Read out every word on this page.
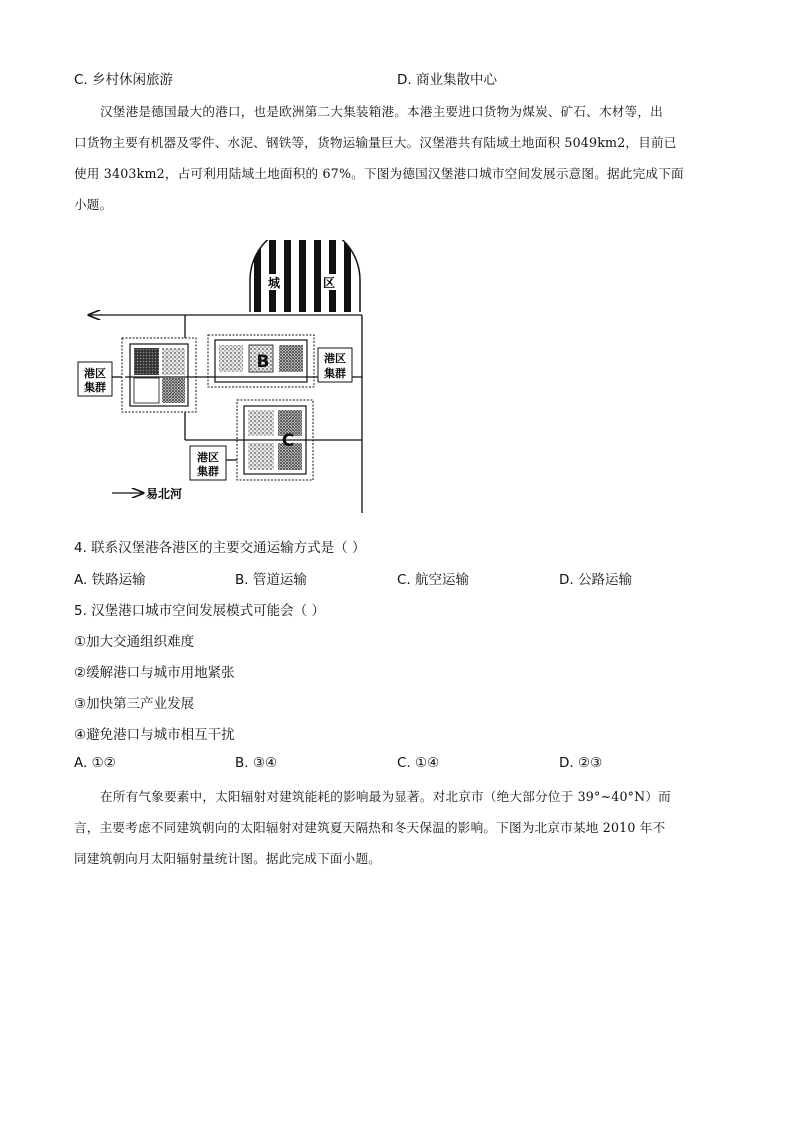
C. 乡村休闲旅游	D. 商业集散中心
汉堡港是德国最大的港口，也是欧洲第二大集装箱港。本港主要进口货物为煤炭、矿石、木材等，出
口货物主要有机器及零件、水泥、钢铁等，货物运输量巨大。汉堡港共有陆域土地面积 5049km2，目前已
使用 3403km2，占可利用陆域土地面积的 67%。下图为德国汉堡港口城市空间发展示意图。据此完成下面
小题。
城	区
港区
集群
B	港区
集群
C
港区
集群
易北河
4. 联系汉堡港各港区的主要交通运输方式是（ ）
A. 铁路运输	B. 管道运输	C. 航空运输	D. 公路运输
5. 汉堡港口城市空间发展模式可能会（ ）
①加大交通组织难度
②缓解港口与城市用地紧张
③加快第三产业发展
④避免港口与城市相互干扰
A. ①②	B. ③④	C. ①④	D. ②③
在所有气象要素中，太阳辐射对建筑能耗的影响最为显著。对北京市（绝大部分位于 39°~40°N）而
言，主要考虑不同建筑朝向的太阳辐射对建筑夏天隔热和冬天保温的影响。下图为北京市某地 2010 年不
同建筑朝向月太阳辐射量统计图。据此完成下面小题。
